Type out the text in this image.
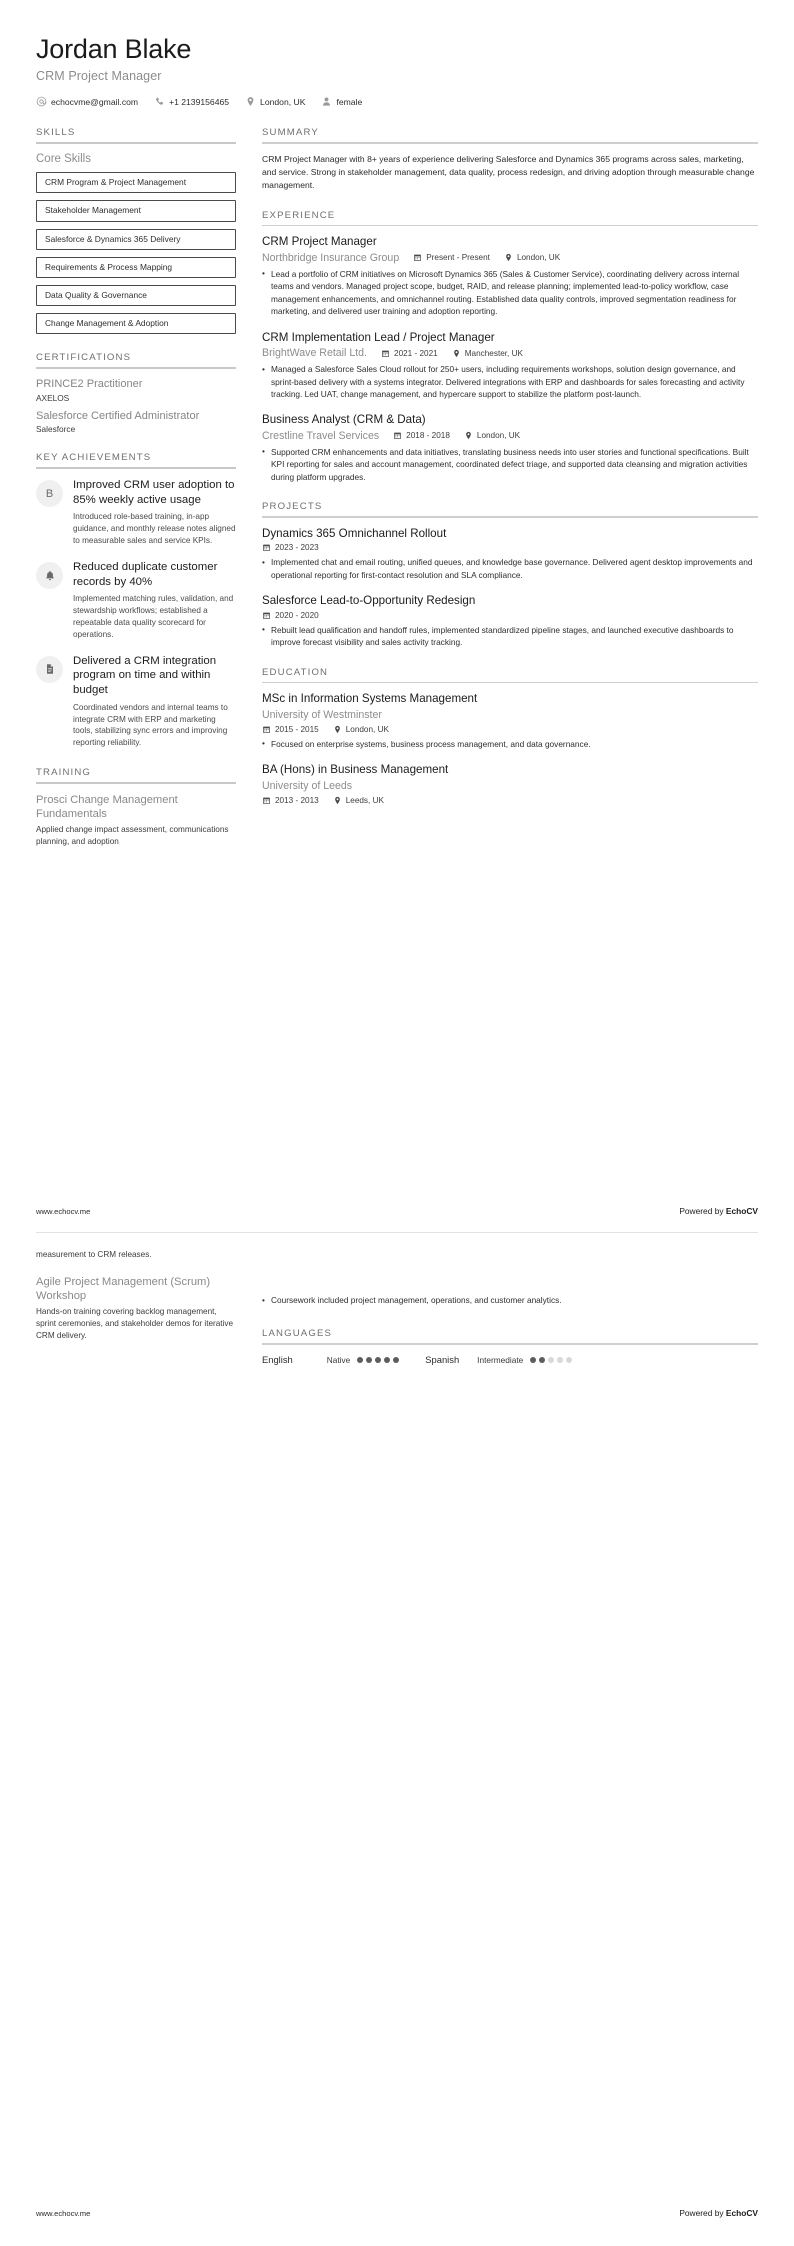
Jordan Blake
CRM Project Manager
echocvme@gmail.com	+1 2139156465	London, UK	female
SKILLS
Core Skills
CRM Program & Project Management
Stakeholder Management
Salesforce & Dynamics 365 Delivery
Requirements & Process Mapping
Data Quality & Governance
Change Management & Adoption
CERTIFICATIONS
PRINCE2 Practitioner
AXELOS
Salesforce Certified Administrator
Salesforce
KEY ACHIEVEMENTS
B
Improved CRM user adoption to 85% weekly active usage
Introduced role-based training, in-app guidance, and monthly release notes aligned to measurable sales and service KPIs.
Reduced duplicate customer records by 40%
Implemented matching rules, validation, and stewardship workflows; established a repeatable data quality scorecard for operations.
Delivered a CRM integration program on time and within budget
Coordinated vendors and internal teams to integrate CRM with ERP and marketing tools, stabilizing sync errors and improving reporting reliability.
TRAINING
Prosci Change Management Fundamentals
Applied change impact assessment, communications planning, and adoption
SUMMARY
CRM Project Manager with 8+ years of experience delivering Salesforce and Dynamics 365 programs across sales, marketing, and service. Strong in stakeholder management, data quality, process redesign, and driving adoption through measurable change management.
EXPERIENCE
CRM Project Manager
Northbridge Insurance Group	Present - Present	London, UK
• Lead a portfolio of CRM initiatives on Microsoft Dynamics 365 (Sales & Customer Service), coordinating delivery across internal teams and vendors. Managed project scope, budget, RAID, and release planning; implemented lead-to-policy workflow, case management enhancements, and omnichannel routing. Established data quality controls, improved segmentation readiness for marketing, and delivered user training and adoption reporting.
CRM Implementation Lead / Project Manager
BrightWave Retail Ltd.	2021 - 2021	Manchester, UK
• Managed a Salesforce Sales Cloud rollout for 250+ users, including requirements workshops, solution design governance, and sprint-based delivery with a systems integrator. Delivered integrations with ERP and dashboards for sales forecasting and activity tracking. Led UAT, change management, and hypercare support to stabilize the platform post-launch.
Business Analyst (CRM & Data)
Crestline Travel Services	2018 - 2018	London, UK
• Supported CRM enhancements and data initiatives, translating business needs into user stories and functional specifications. Built KPI reporting for sales and account management, coordinated defect triage, and supported data cleansing and migration activities during platform upgrades.
PROJECTS
Dynamics 365 Omnichannel Rollout
2023 - 2023
• Implemented chat and email routing, unified queues, and knowledge base governance. Delivered agent desktop improvements and operational reporting for first-contact resolution and SLA compliance.
Salesforce Lead-to-Opportunity Redesign
2020 - 2020
• Rebuilt lead qualification and handoff rules, implemented standardized pipeline stages, and launched executive dashboards to improve forecast visibility and sales activity tracking.
EDUCATION
MSc in Information Systems Management
University of Westminster
2015 - 2015	London, UK
• Focused on enterprise systems, business process management, and data governance.
BA (Hons) in Business Management
University of Leeds
2013 - 2013	Leeds, UK
www.echocv.me	Powered by EchoCV
measurement to CRM releases.
Agile Project Management (Scrum) Workshop
Hands-on training covering backlog management, sprint ceremonies, and stakeholder demos for iterative CRM delivery.
• Coursework included project management, operations, and customer analytics.
LANGUAGES
English	Native	Spanish Intermediate
www.echocv.me	Powered by EchoCV
